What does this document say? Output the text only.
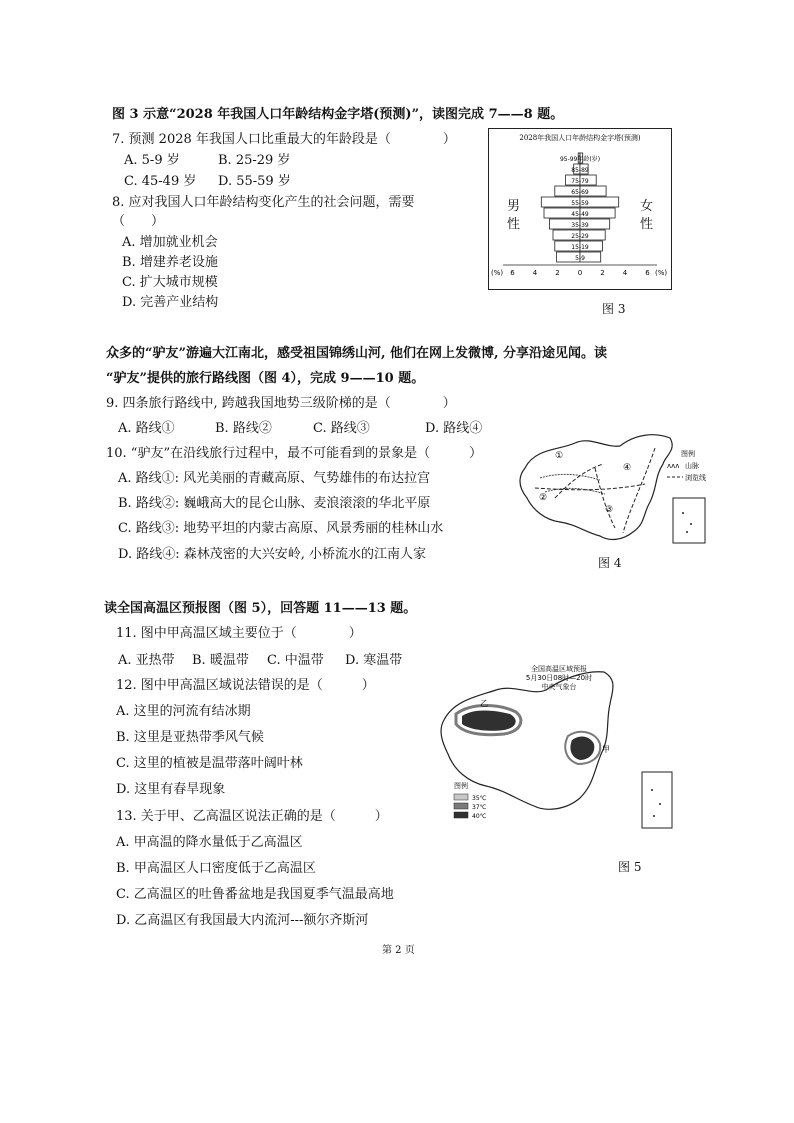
图 3 示意“2028 年我国人口年龄结构金字塔(预测)”，读图完成 7——8 题。
7. 预测 2028 年我国人口比重最大的年龄段是（　　　　）
A. 5-9 岁	B. 25-29 岁
C. 45-49 岁 D. 55-59 岁
8. 应对我国人口年龄结构变化产生的社会问题，需要
（　　）
A. 增加就业机会
B. 增建养老设施
C. 扩大城市规模
D. 完善产业结构
2028年我国人口年龄结构金字塔(预测)
5-9
15-19
25-29
35-39
45-49
55-59
65-69
75-79
85-89
95-99年龄(岁)
6	4	2	0	2	4	6
(%)	(%)
男
性
女
性
图 3
众多的“驴友”游遍大江南北，感受祖国锦绣山河, 他们在网上发微博, 分享沿途见闻。读
“驴友”提供的旅行路线图（图 4），完成 9——10 题。
9. 四条旅行路线中, 跨越我国地势三级阶梯的是（　　　　）
A. 路线①	B. 路线②	C. 路线③	D. 路线④
10. “驴友”在沿线旅行过程中，最不可能看到的景象是（　　　）
A. 路线①: 风光美丽的青藏高原、气势雄伟的布达拉宫
B. 路线②: 巍峨高大的昆仑山脉、麦浪滚滚的华北平原
C. 路线③: 地势平坦的内蒙古高原、风景秀丽的桂林山水
D. 路线④: 森林茂密的大兴安岭, 小桥流水的江南人家
①
②
③
④
图例
ʌʌʌ 山脉
浏览线
图 4
读全国高温区预报图（图 5），回答题 11——13 题。
11. 图中甲高温区域主要位于（　　　　）
A. 亚热带 B. 暖温带 C. 中温带 D. 寒温带
12. 图中甲高温区域说法错误的是（　　　）
A. 这里的河流有结冰期
B. 这里是亚热带季风气候
C. 这里的植被是温带落叶阔叶林
D. 这里有春旱现象
13. 关于甲、乙高温区说法正确的是（　　　）
A. 甲高温的降水量低于乙高温区
B. 甲高温区人口密度低于乙高温区
C. 乙高温区的吐鲁番盆地是我国夏季气温最高地
D. 乙高温区有我国最大内流河---额尔齐斯河
全国高温区域预报
5月30日08时—20时
中央气象台
乙
甲
图例
35℃
37℃
40℃
图 5
第 2 页
